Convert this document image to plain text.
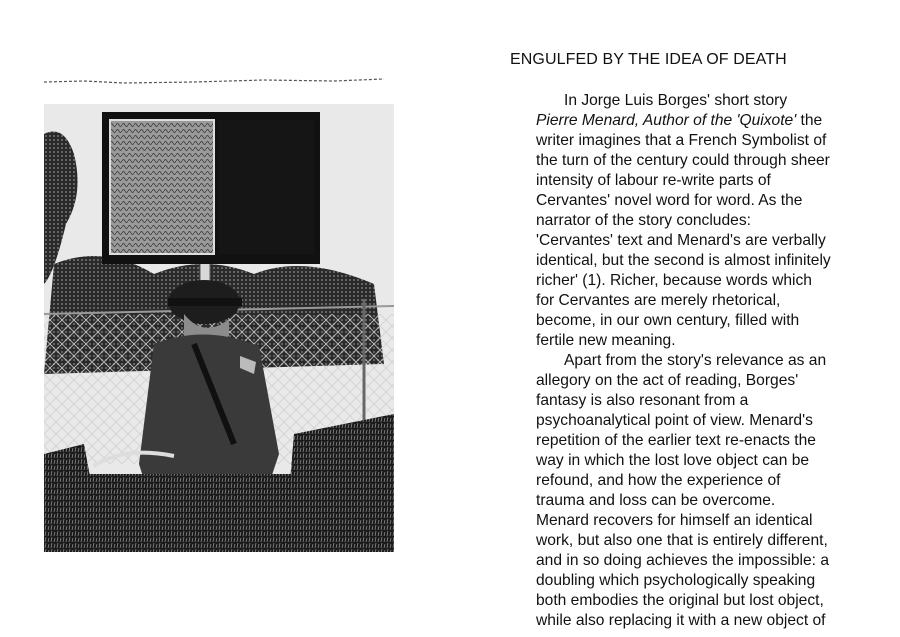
ENGULFED BY THE IDEA OF DEATH
In Jorge Luis Borges' short story
Pierre Menard, Author of the 'Quixote' the
writer imagines that a French Symbolist of
the turn of the century could through sheer
intensity of labour re-write parts of
Cervantes' novel word for word. As the
narrator of the story concludes:
'Cervantes' text and Menard's are verbally
identical, but the second is almost infinitely
richer' (1). Richer, because words which
for Cervantes are merely rhetorical,
become, in our own century, filled with
fertile new meaning.
Apart from the story's relevance as an
allegory on the act of reading, Borges'
fantasy is also resonant from a
psychoanalytical point of view. Menard's
repetition of the earlier text re-enacts the
way in which the lost love object can be
refound, and how the experience of
trauma and loss can be overcome.
Menard recovers for himself an identical
work, but also one that is entirely different,
and in so doing achieves the impossible: a
doubling which psychologically speaking
both embodies the original but lost object,
while also replacing it with a new object of
